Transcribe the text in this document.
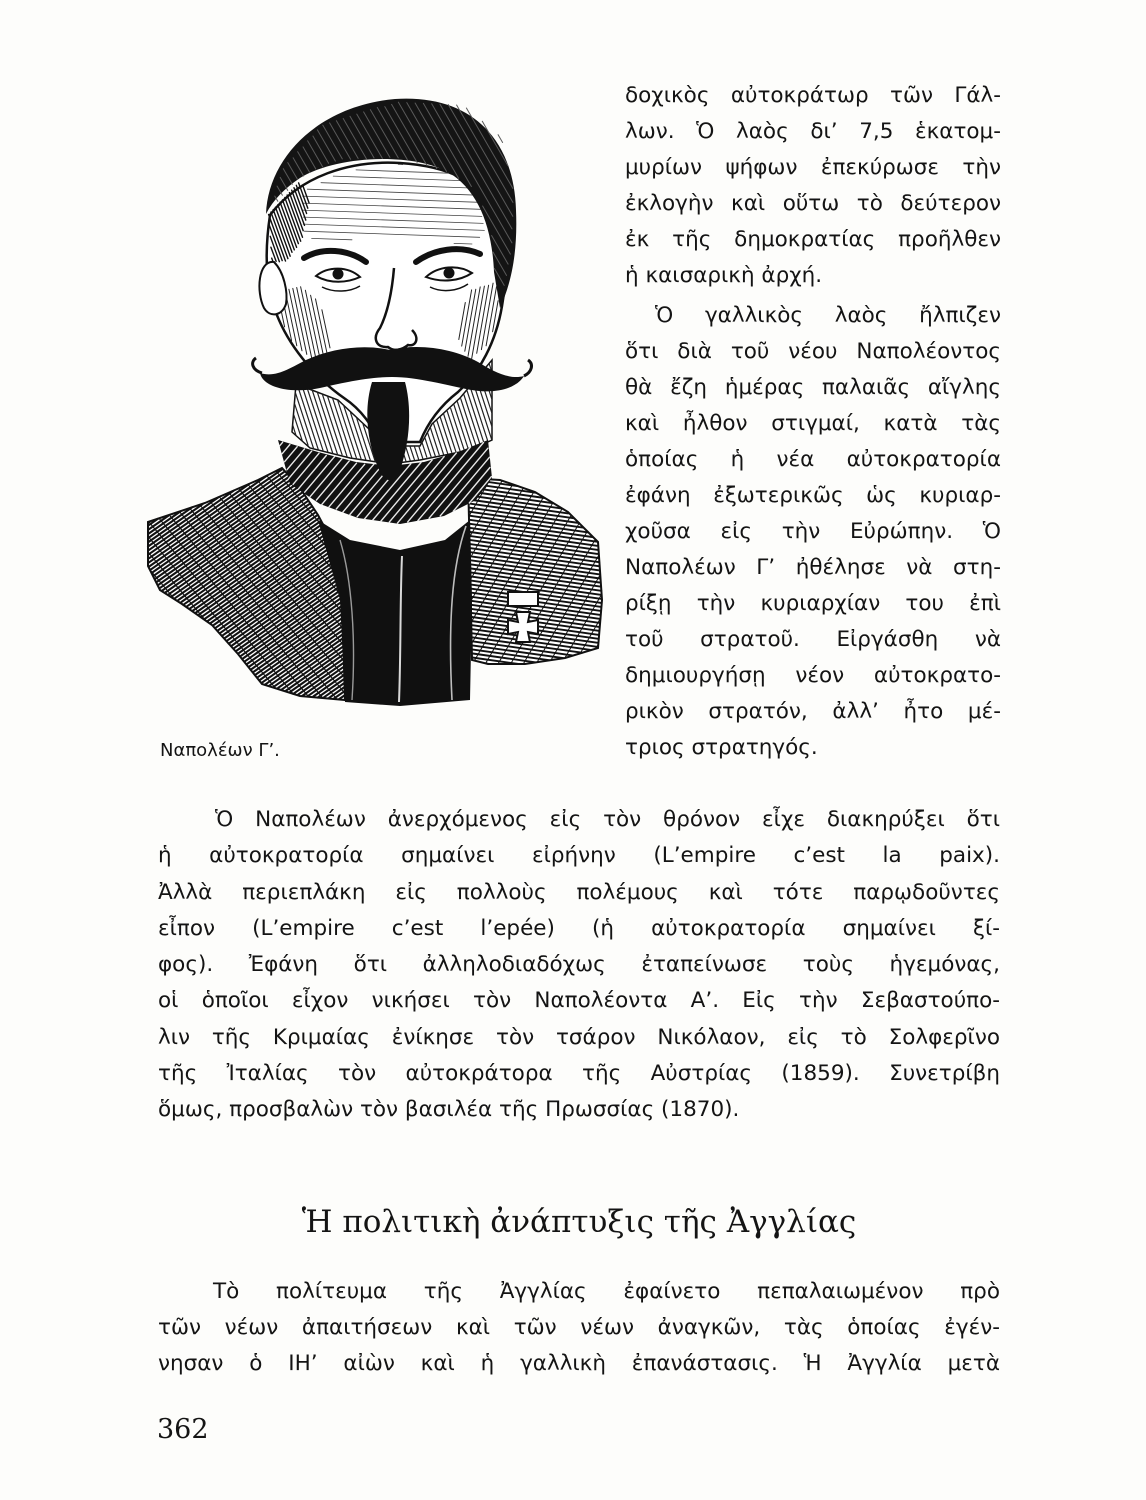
Ναπολέων Γ’.
δοχικὸς αὐτοκράτωρ τῶν Γάλ-
λων. Ὁ λαὸς δι’ 7,5 ἑκατομ-
μυρίων ψήφων ἐπεκύρωσε τὴν
ἐκλογὴν καὶ οὕτω τὸ δεύτερον
ἐκ τῆς δημοκρατίας προῆλθεν
ἡ καισαρικὴ ἀρχή.
Ὁ γαλλικὸς λαὸς ἤλπιζεν
ὅτι διὰ τοῦ νέου Ναπολέοντος
θὰ ἔζη ἡμέρας παλαιᾶς αἴγλης
καὶ ἦλθον στιγμαί, κατὰ τὰς
ὁποίας ἡ νέα αὐτοκρατορία
ἐφάνη ἐξωτερικῶς ὡς κυριαρ-
χοῦσα εἰς τὴν Εὐρώπην. Ὁ
Ναπολέων Γ’ ἠθέλησε νὰ στη-
ρίξῃ τὴν κυριαρχίαν του ἐπὶ
τοῦ στρατοῦ. Εἰργάσθη νὰ
δημιουργήσῃ νέον αὐτοκρατο-
ρικὸν στρατόν, ἀλλ’ ἦτο μέ-
τριος στρατηγός.
Ὁ Ναπολέων ἀνερχόμενος εἰς τὸν θρόνον εἶχε διακηρύξει ὅτι
ἡ αὐτοκρατορία σημαίνει εἰρήνην (L’empire c’est la paix).
Ἀλλὰ περιεπλάκη εἰς πολλοὺς πολέμους καὶ τότε παρῳδοῦντες
εἶπον (L’empire c’est l’epée) (ἡ αὐτοκρατορία σημαίνει ξί-
φος). Ἐφάνη ὅτι ἀλληλοδιαδόχως ἐταπείνωσε τοὺς ἡγεμόνας,
οἱ ὁποῖοι εἶχον νικήσει τὸν Ναπολέοντα Α’. Εἰς τὴν Σεβαστούπο-
λιν τῆς Κριμαίας ἐνίκησε τὸν τσάρον Νικόλαον, εἰς τὸ Σολφερῖνο
τῆς Ἰταλίας τὸν αὐτοκράτορα τῆς Αὐστρίας (1859). Συνετρίβη
ὅμως, προσβαλὼν τὸν βασιλέα τῆς Πρωσσίας (1870).
Ἡ πολιτικὴ ἀνάπτυξις τῆς Ἀγγλίας
Τὸ πολίτευμα τῆς Ἀγγλίας ἐφαίνετο πεπαλαιωμένον πρὸ
τῶν νέων ἀπαιτήσεων καὶ τῶν νέων ἀναγκῶν, τὰς ὁποίας ἐγέν-
νησαν ὁ ΙΗ’ αἰὼν καὶ ἡ γαλλικὴ ἐπανάστασις. Ἡ Ἀγγλία μετὰ
362
